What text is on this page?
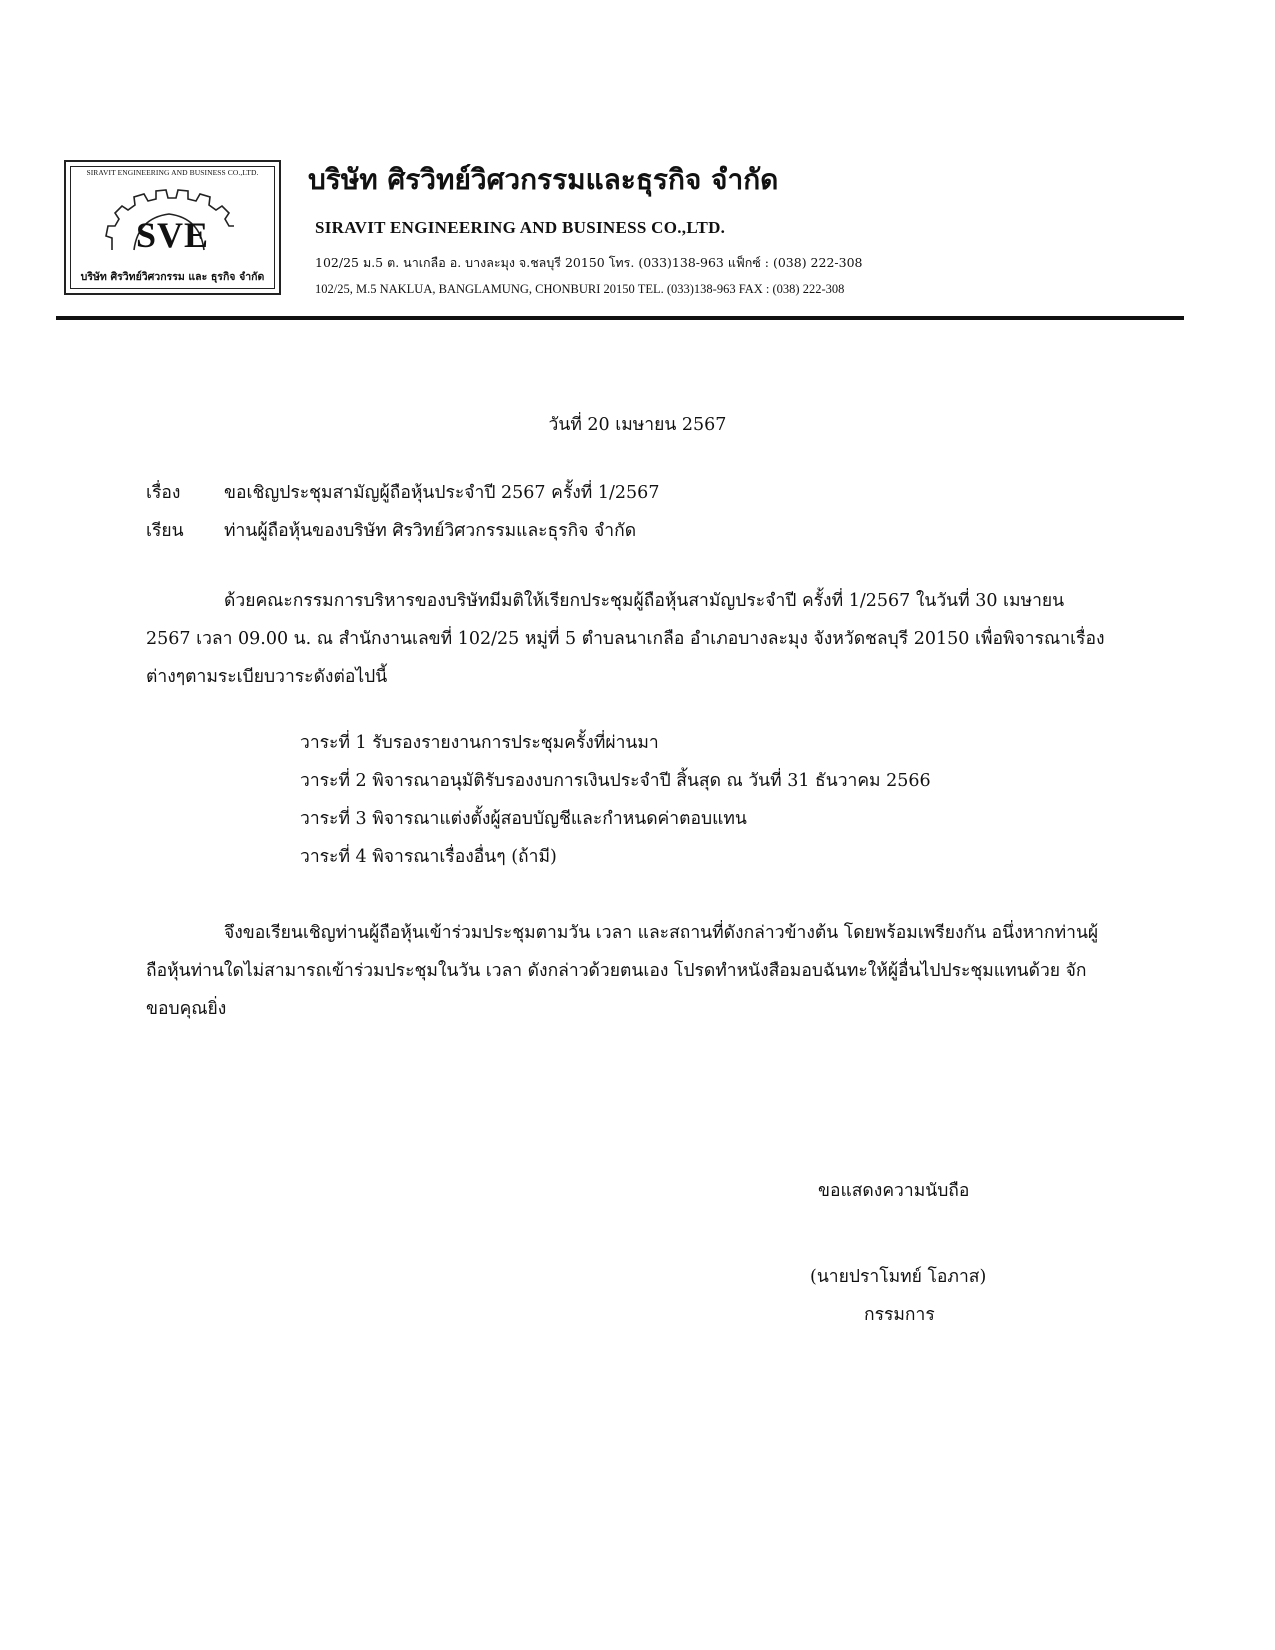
SIRAVIT ENGINEERING AND BUSINESS CO.,LTD.
SVE
บริษัท ศิรวิทย์วิศวกรรม และ ธุรกิจ จำกัด
บริษัท ศิรวิทย์วิศวกรรมและธุรกิจ จำกัด
SIRAVIT ENGINEERING AND BUSINESS CO.,LTD.
102/25 ม.5 ต. นาเกลือ อ. บางละมุง จ.ชลบุรี 20150 โทร. (033)138-963 แฟ็กซ์ : (038) 222-308
102/25, M.5 NAKLUA, BANGLAMUNG, CHONBURI 20150 TEL. (033)138-963 FAX : (038) 222-308
วันที่ 20 เมษายน 2567
เรื่อง ขอเชิญประชุมสามัญผู้ถือหุ้นประจำปี 2567 ครั้งที่ 1/2567
เรียน ท่านผู้ถือหุ้นของบริษัท ศิรวิทย์วิศวกรรมและธุรกิจ จำกัด
ด้วยคณะกรรมการบริหารของบริษัทมีมติให้เรียกประชุมผู้ถือหุ้นสามัญประจำปี ครั้งที่ 1/2567 ในวันที่ 30 เมษายน 2567 เวลา 09.00 น. ณ สำนักงานเลขที่ 102/25 หมู่ที่ 5 ตำบลนาเกลือ อำเภอบางละมุง จังหวัดชลบุรี 20150 เพื่อพิจารณาเรื่องต่างๆตามระเบียบวาระดังต่อไปนี้
วาระที่ 1 รับรองรายงานการประชุมครั้งที่ผ่านมา
วาระที่ 2 พิจารณาอนุมัติรับรองงบการเงินประจำปี สิ้นสุด ณ วันที่ 31 ธันวาคม 2566
วาระที่ 3 พิจารณาแต่งตั้งผู้สอบบัญชีและกำหนดค่าตอบแทน
วาระที่ 4 พิจารณาเรื่องอื่นๆ (ถ้ามี)
จึงขอเรียนเชิญท่านผู้ถือหุ้นเข้าร่วมประชุมตามวัน เวลา และสถานที่ดังกล่าวข้างต้น โดยพร้อมเพรียงกัน อนึ่งหากท่านผู้ถือหุ้นท่านใดไม่สามารถเข้าร่วมประชุมในวัน เวลา ดังกล่าวด้วยตนเอง โปรดทำหนังสือมอบฉันทะให้ผู้อื่นไปประชุมแทนด้วย จักขอบคุณยิ่ง
ขอแสดงความนับถือ
(นายปราโมทย์ โอภาส)
กรรมการ
